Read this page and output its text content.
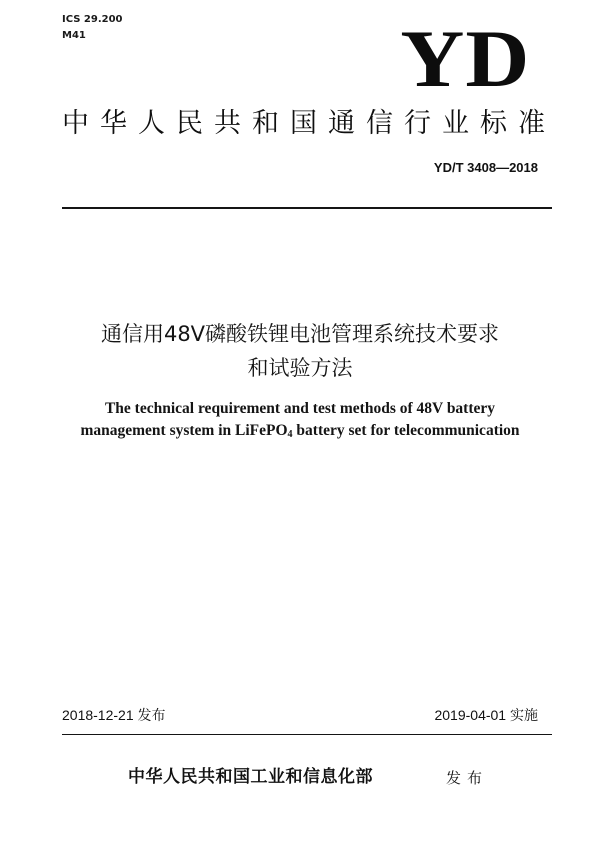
ICS 29.200
M41	YD
中华人民共和国通信行业标准
YD/T 3408—2018
通信用48V磷酸铁锂电池管理系统技术要求
和试验方法
The technical requirement and test methods of 48V battery
management system in LiFePO$_4$ battery set for telecommunication
2018-12-21 发布	2019-04-01 实施
中华人民共和国工业和信息化部	发布
